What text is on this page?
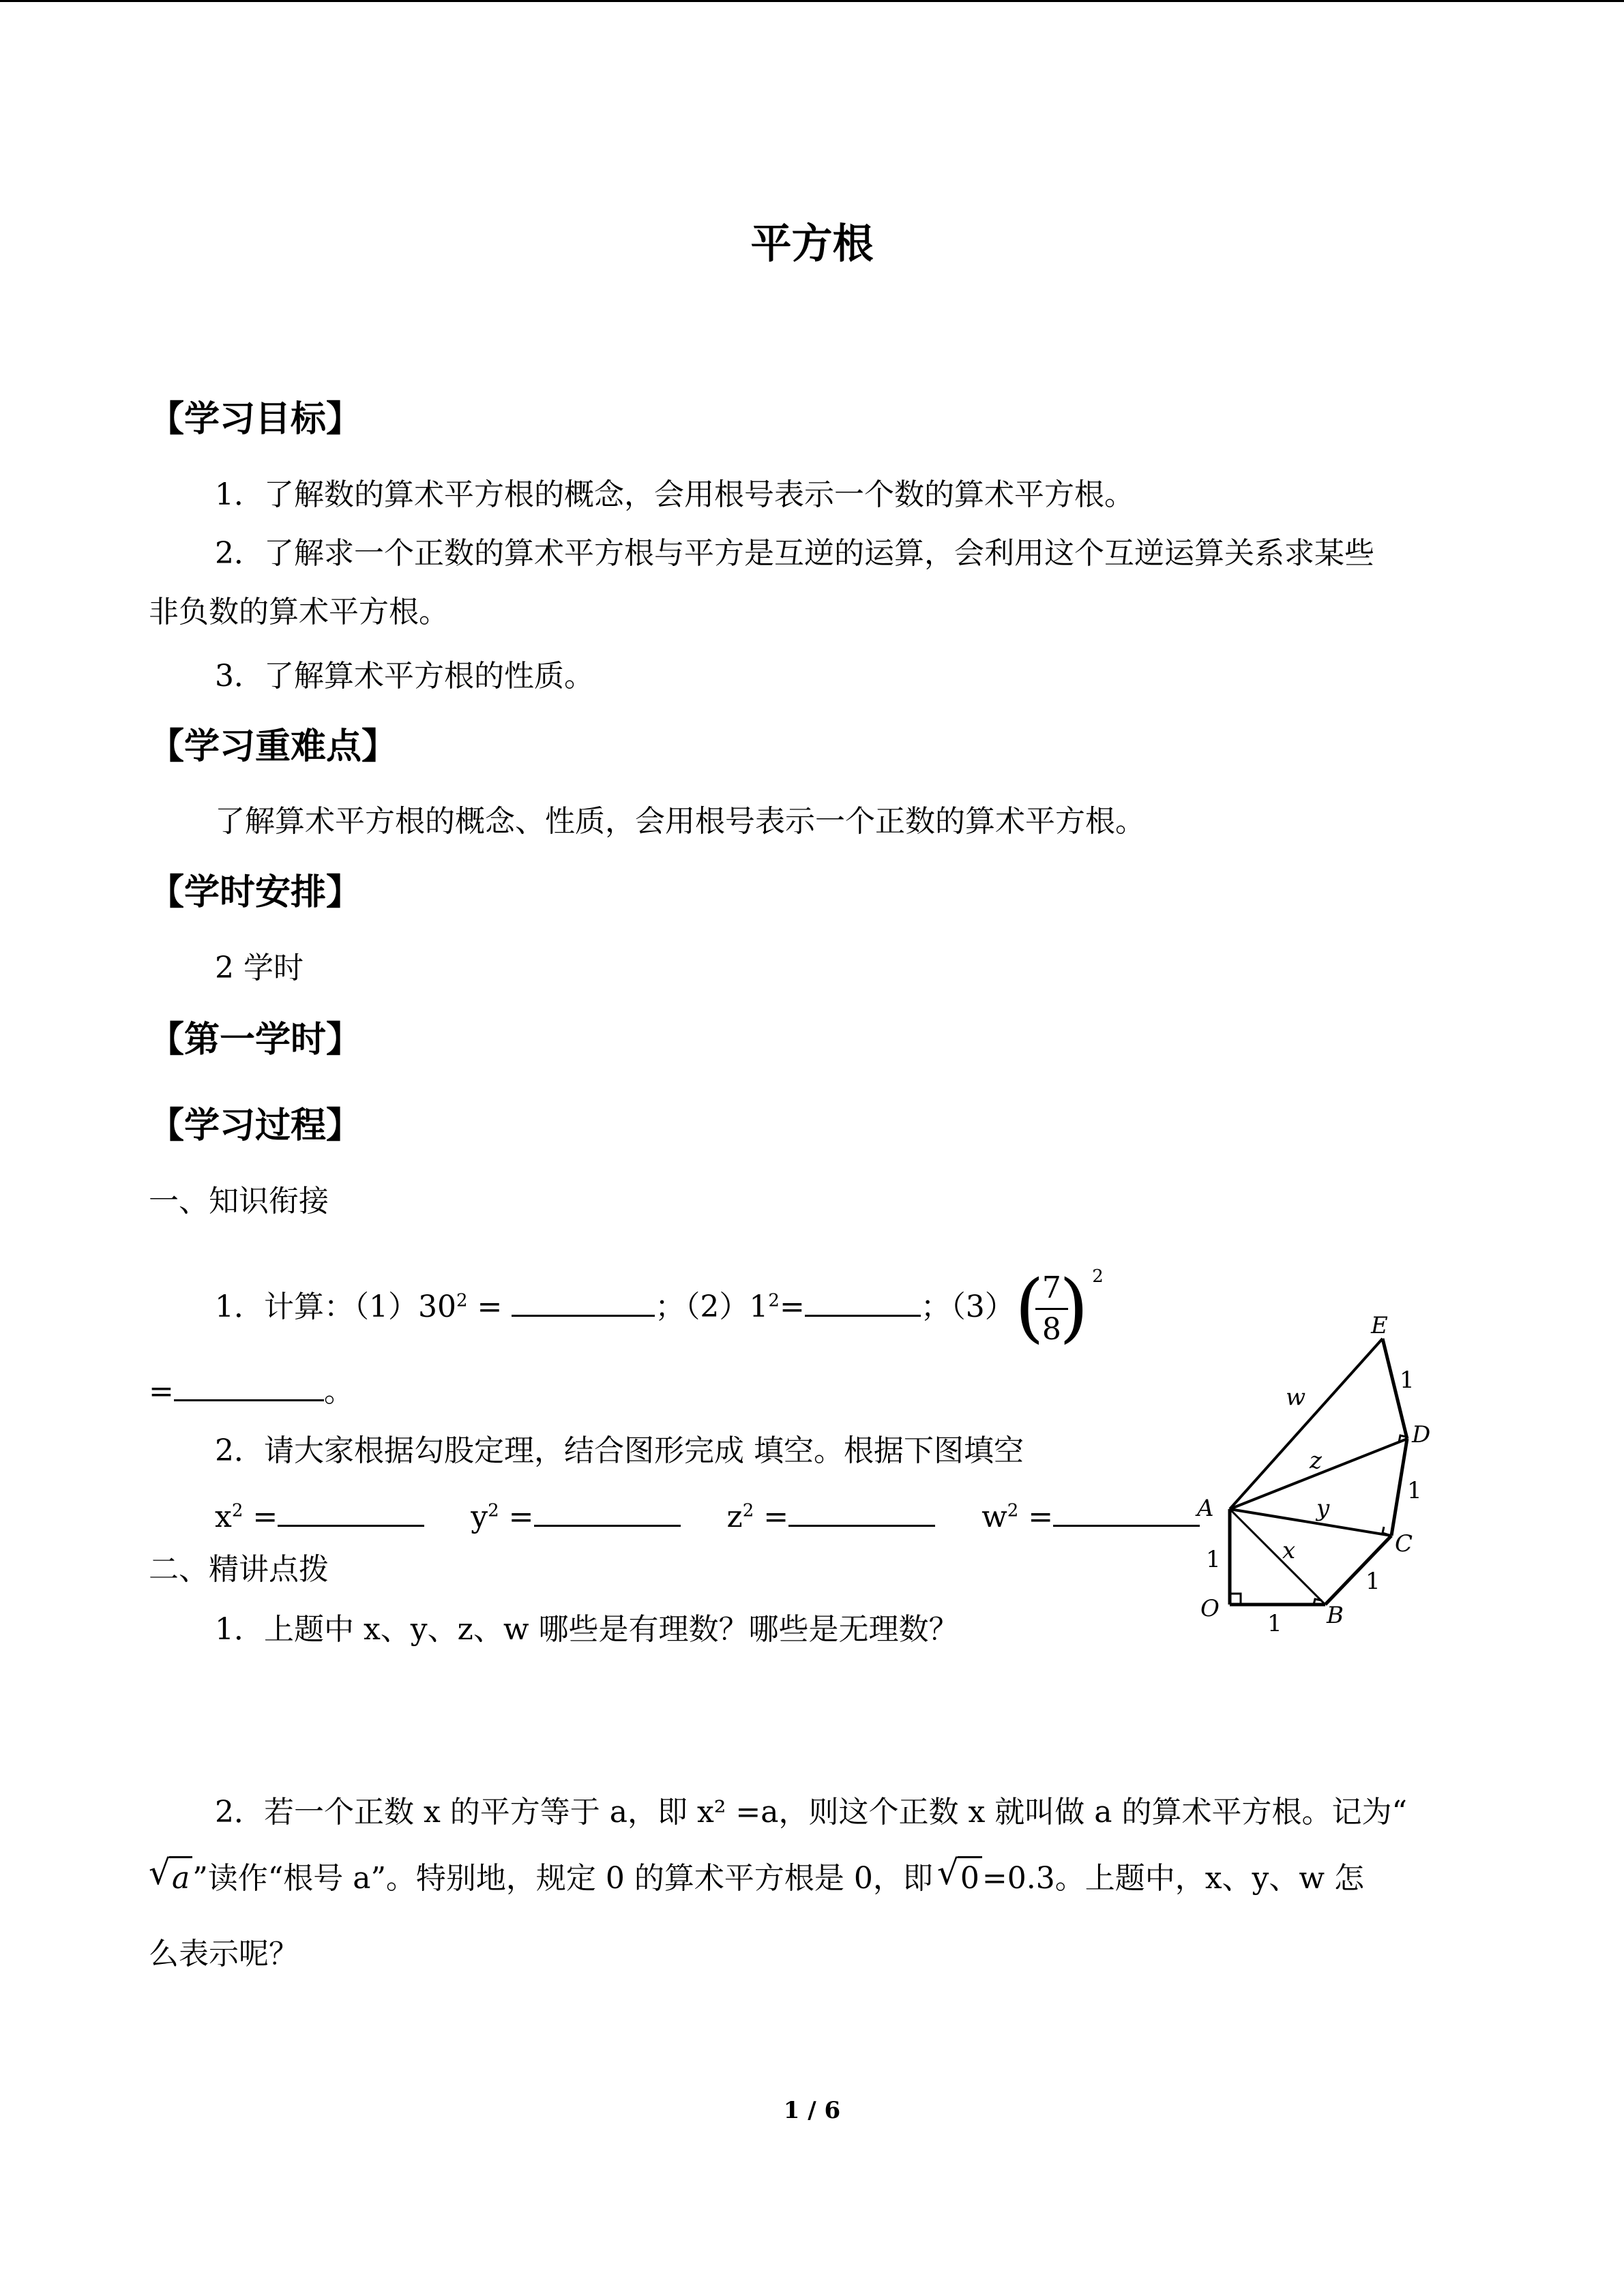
平方根
【学习目标】
1．了解数的算术平方根的概念，会用根号表示一个数的算术平方根。
2．了解求一个正数的算术平方根与平方是互逆的运算，会利用这个互逆运算关系求某些
非负数的算术平方根。
3．了解算术平方根的性质。
【学习重难点】
了解算术平方根的概念、性质，会用根号表示一个正数的算术平方根。
【学时安排】
2 学时
【第一学时】
【学习过程】
一、知识衔接
1．计算：$(1)30^2$ =	；$(2)1^2=$	；（3） (
7
8
) 2
=	。
2．请大家根据勾股定理，结合图形完成 填空。根据下图填空
$x^2$ =	$y^2$ =	$z^2$ =	$w^2$ =
二、精讲点拨
1．上题中 x、y、z、w 哪些是有理数？哪些是无理数？
2．若一个正数 x 的平方等于 a，即 x² =a，则这个正数 x 就叫做 a 的算术平方根。记为“
√ a”读作“根号 a”。特别地，规定 0 的算术平方根是 0，即 √ 0=0.3。上题中，x、y、w 怎
么表示呢？
O	B
C
D
E
A
1
1
1
1
1
x
y
z
w
1 / 6
